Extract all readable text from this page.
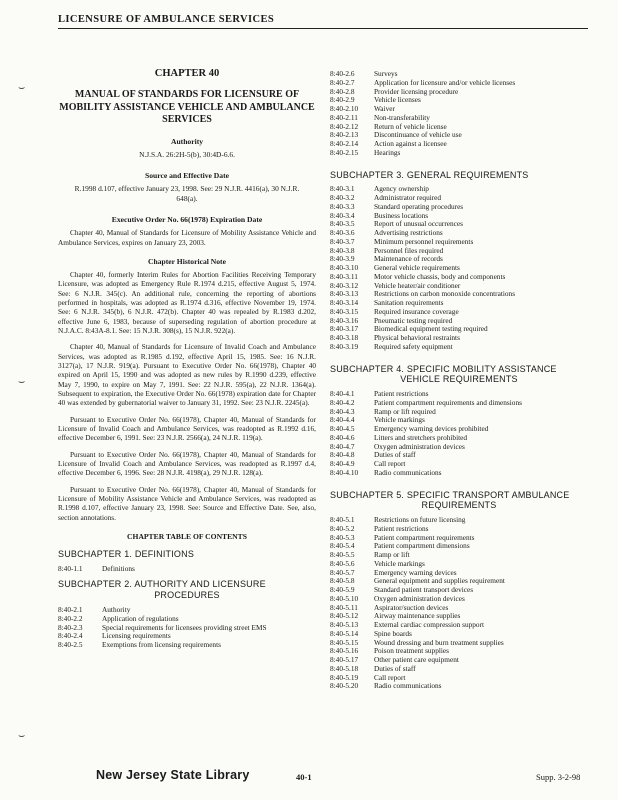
LICENSURE OF AMBULANCE SERVICES
⌣
⌣
⌣
CHAPTER 40
MANUAL OF STANDARDS FOR LICENSURE OF MOBILITY ASSISTANCE VEHICLE AND AMBULANCE SERVICES
Authority
N.J.S.A. 26:2H-5(b), 30:4D-6.6.
Source and Effective Date
R.1998 d.107, effective January 23, 1998. See: 29 N.J.R. 4416(a), 30 N.J.R. 648(a).
Executive Order No. 66(1978) Expiration Date

Chapter 40, Manual of Standards for Licensure of Mobility Assistance Vehicle and Ambulance Services, expires on January 23, 2003.

Chapter Historical Note

Chapter 40, formerly Interim Rules for Abortion Facilities Receiving Temporary Licensure, was adopted as Emergency Rule R.1974 d.215, effective August 5, 1974. See: 6 N.J.R. 345(c). An additional rule, concerning the reporting of abortions performed in hospitals, was adopted as R.1974 d.316, effective November 19, 1974. See: 6 N.J.R. 345(b), 6 N.J.R. 472(b). Chapter 40 was repealed by R.1983 d.202, effective June 6, 1983, because of superseding regulation of abortion procedure at N.J.A.C. 8:43A-8.1. See: 15 N.J.R. 308(s), 15 N.J.R. 922(a).

Chapter 40, Manual of Standards for Licensure of Invalid Coach and Ambulance Services, was adopted as R.1985 d.192, effective April 15, 1985. See: 16 N.J.R. 3127(a), 17 N.J.R. 919(a). Pursuant to Executive Order No. 66(1978), Chapter 40 expired on April 15, 1990 and was adopted as new rules by R.1990 d.239, effective May 7, 1990, to expire on May 7, 1991. See: 22 N.J.R. 595(a), 22 N.J.R. 1364(a). Subsequent to expiration, the Executive Order No. 66(1978) expiration date for Chapter 40 was extended by gubernatorial waiver to January 31, 1992. See: 23 N.J.R. 2245(a).

Pursuant to Executive Order No. 66(1978), Chapter 40, Manual of Standards for Licensure of Invalid Coach and Ambulance Services, was readopted as R.1992 d.16, effective December 6, 1991. See: 23 N.J.R. 2566(a), 24 N.J.R. 119(a).

Pursuant to Executive Order No. 66(1978), Chapter 40, Manual of Standards for Licensure of Invalid Coach and Ambulance Services, was readopted as R.1997 d.4, effective December 6, 1996. See: 28 N.J.R. 4198(a), 29 N.J.R. 128(a).

Pursuant to Executive Order No. 66(1978), Chapter 40, Manual of Standards for Licensure of Mobility Assistance Vehicle and Ambulance Services, was readopted as R.1998 d.107, effective January 23, 1998. See: Source and Effective Date. See, also, section annotations.

CHAPTER TABLE OF CONTENTS
SUBCHAPTER 1. DEFINITIONS
8:40-1.1	Definitions
SUBCHAPTER 2. AUTHORITY AND LICENSURE
PROCEDURES
8:40-2.1	Authority
8:40-2.2	Application of regulations
8:40-2.3	Special requirements for licensees providing street EMS
8:40-2.4	Licensing requirements
8:40-2.5	Exemptions from licensing requirements
8:40-2.6	Surveys
8:40-2.7	Application for licensure and/or vehicle licenses
8:40-2.8	Provider licensing procedure
8:40-2.9	Vehicle licenses
8:40-2.10	Waiver
8:40-2.11	Non-transferability
8:40-2.12	Return of vehicle license
8:40-2.13	Discontinuance of vehicle use
8:40-2.14	Action against a licensee
8:40-2.15	Hearings
SUBCHAPTER 3. GENERAL REQUIREMENTS
8:40-3.1	Agency ownership
8:40-3.2	Administrator required
8:40-3.3	Standard operating procedures
8:40-3.4	Business locations
8:40-3.5	Report of unusual occurrences
8:40-3.6	Advertising restrictions
8:40-3.7	Minimum personnel requirements
8:40-3.8	Personnel files required
8:40-3.9	Maintenance of records
8:40-3.10	General vehicle requirements
8:40-3.11	Motor vehicle chassis, body and components
8:40-3.12	Vehicle heater/air conditioner
8:40-3.13	Restrictions on carbon monoxide concentrations
8:40-3.14	Sanitation requirements
8:40-3.15	Required insurance coverage
8:40-3.16	Pneumatic testing required
8:40-3.17	Biomedical equipment testing required
8:40-3.18	Physical behavioral restraints
8:40-3.19	Required safety equipment
SUBCHAPTER 4. SPECIFIC MOBILITY ASSISTANCE
VEHICLE REQUIREMENTS
8:40-4.1	Patient restrictions
8:40-4.2	Patient compartment requirements and dimensions
8:40-4.3	Ramp or lift required
8:40-4.4	Vehicle markings
8:40-4.5	Emergency warning devices prohibited
8:40-4.6	Litters and stretchers prohibited
8:40-4.7	Oxygen administration devices
8:40-4.8	Duties of staff
8:40-4.9	Call report
8:40-4.10	Radio communications
SUBCHAPTER 5. SPECIFIC TRANSPORT AMBULANCE
REQUIREMENTS
8:40-5.1	Restrictions on future licensing
8:40-5.2	Patient restrictions
8:40-5.3	Patient compartment requirements
8:40-5.4	Patient compartment dimensions
8:40-5.5	Ramp or lift
8:40-5.6	Vehicle markings
8:40-5.7	Emergency warning devices
8:40-5.8	General equipment and supplies requirement
8:40-5.9	Standard patient transport devices
8:40-5.10	Oxygen administration devices
8:40-5.11	Aspirator/suction devices
8:40-5.12	Airway maintenance supplies
8:40-5.13	External cardiac compression support
8:40-5.14	Spine boards
8:40-5.15	Wound dressing and burn treatment supplies
8:40-5.16	Poison treatment supplies
8:40-5.17	Other patient care equipment
8:40-5.18	Duties of staff
8:40-5.19	Call report
8:40-5.20	Radio communications
New Jersey State Library	40-1	Supp. 3-2-98
